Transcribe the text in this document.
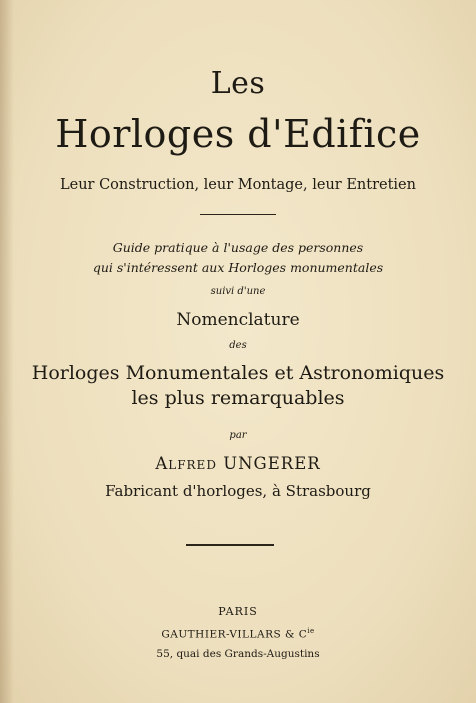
Les
Horloges d'Edifice
Leur Construction, leur Montage, leur Entretien
Guide pratique à l'usage des personnes
qui s'intéressent aux Horloges monumentales
suivi d'une
Nomenclature
des
Horloges Monumentales et Astronomiques
les plus remarquables
par
Alfred UNGERER
Fabricant d'horloges, à Strasbourg
PARIS
GAUTHIER-VILLARS & $C^{ie}$
55, quai des Grands-Augustins
